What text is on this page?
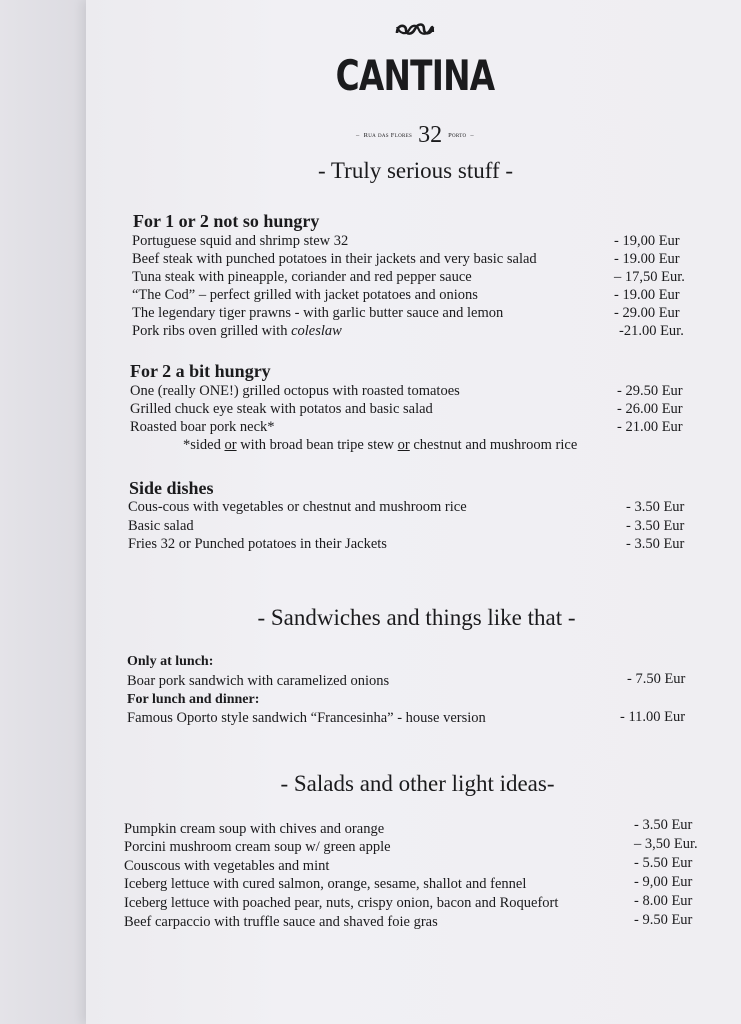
CANTINA
–
Rua das Flores 32 Porto
–
- Truly serious stuff -
For 1 or 2 not so hungry
Portuguese squid and shrimp stew 32	- 19,00 Eur
Beef steak with punched potatoes in their jackets and very basic salad	- 19.00 Eur
Tuna steak with pineapple, coriander and red pepper sauce	– 17,50 Eur.
“The Cod” – perfect grilled with jacket potatoes and onions	- 19.00 Eur
The legendary tiger prawns - with garlic butter sauce and lemon	- 29.00 Eur
Pork ribs oven grilled with coleslaw	-21.00 Eur.
For 2 a bit hungry
One (really ONE!) grilled octopus with roasted tomatoes	- 29.50 Eur
Grilled chuck eye steak with potatos and basic salad	- 26.00 Eur
Roasted boar pork neck*	- 21.00 Eur
*sided or with broad bean tripe stew or chestnut and mushroom rice
Side dishes
Cous-cous with vegetables or chestnut and mushroom rice	- 3.50 Eur
Basic salad	- 3.50 Eur
Fries 32 or Punched potatoes in their Jackets	- 3.50 Eur
- Sandwiches and things like that -
Only at lunch:
Boar pork sandwich with caramelized onions	- 7.50 Eur
For lunch and dinner:
Famous Oporto style sandwich “Francesinha” - house version	- 11.00 Eur
- Salads and other light ideas-
Pumpkin cream soup with chives and orange	- 3.50 Eur
Porcini mushroom cream soup w/ green apple	– 3,50 Eur.
Couscous with vegetables and mint	- 5.50 Eur
Iceberg lettuce with cured salmon, orange, sesame, shallot and fennel	- 9,00 Eur
Iceberg lettuce with poached pear, nuts, crispy onion, bacon and Roquefort	- 8.00 Eur
Beef carpaccio with truffle sauce and shaved foie gras	- 9.50 Eur
